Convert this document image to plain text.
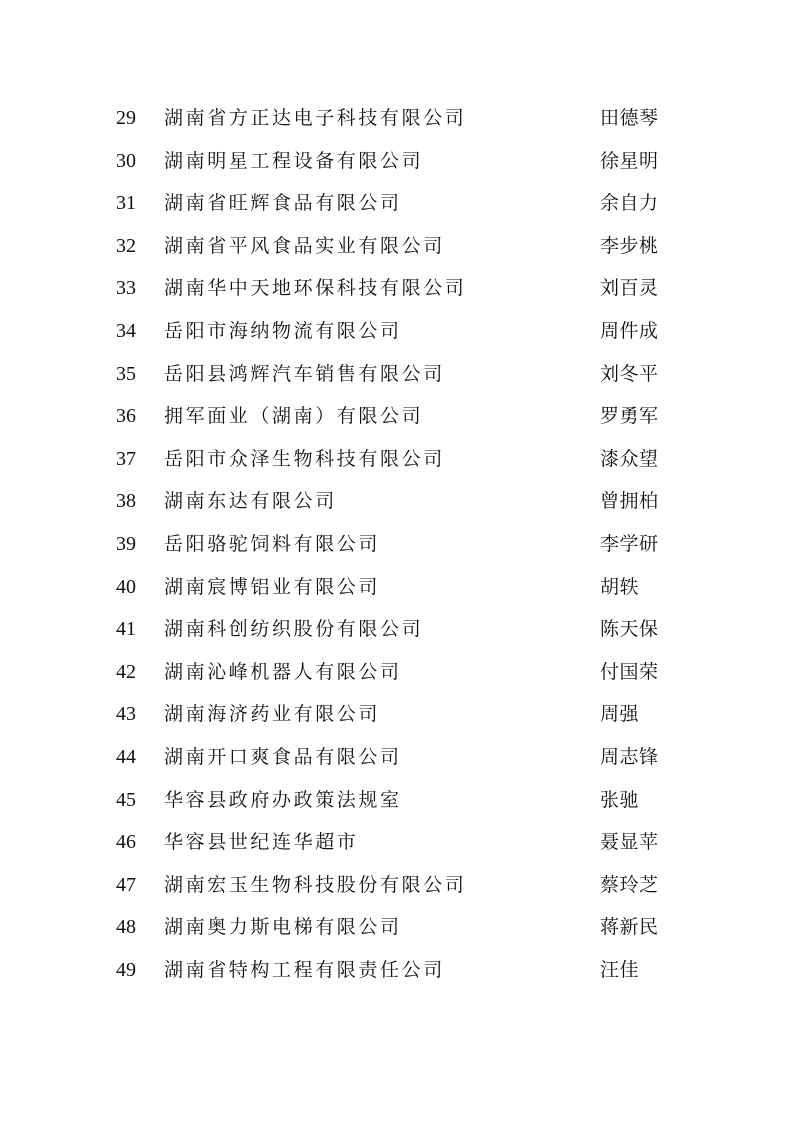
29	湖南省方正达电子科技有限公司	田德琴
30	湖南明星工程设备有限公司	徐星明
31	湖南省旺辉食品有限公司	余自力
32	湖南省平风食品实业有限公司	李步桃
33	湖南华中天地环保科技有限公司	刘百灵
34	岳阳市海纳物流有限公司	周件成
35	岳阳县鸿辉汽车销售有限公司	刘冬平
36	拥军面业（湖南）有限公司	罗勇军
37	岳阳市众泽生物科技有限公司	漆众望
38	湖南东达有限公司	曾拥柏
39	岳阳骆驼饲料有限公司	李学研
40	湖南宸博铝业有限公司	胡轶
41	湖南科创纺织股份有限公司	陈天保
42	湖南沁峰机器人有限公司	付国荣
43	湖南海济药业有限公司	周强
44	湖南开口爽食品有限公司	周志锋
45	华容县政府办政策法规室	张驰
46	华容县世纪连华超市	聂显苹
47	湖南宏玉生物科技股份有限公司	蔡玲芝
48	湖南奥力斯电梯有限公司	蒋新民
49	湖南省特构工程有限责任公司	汪佳
